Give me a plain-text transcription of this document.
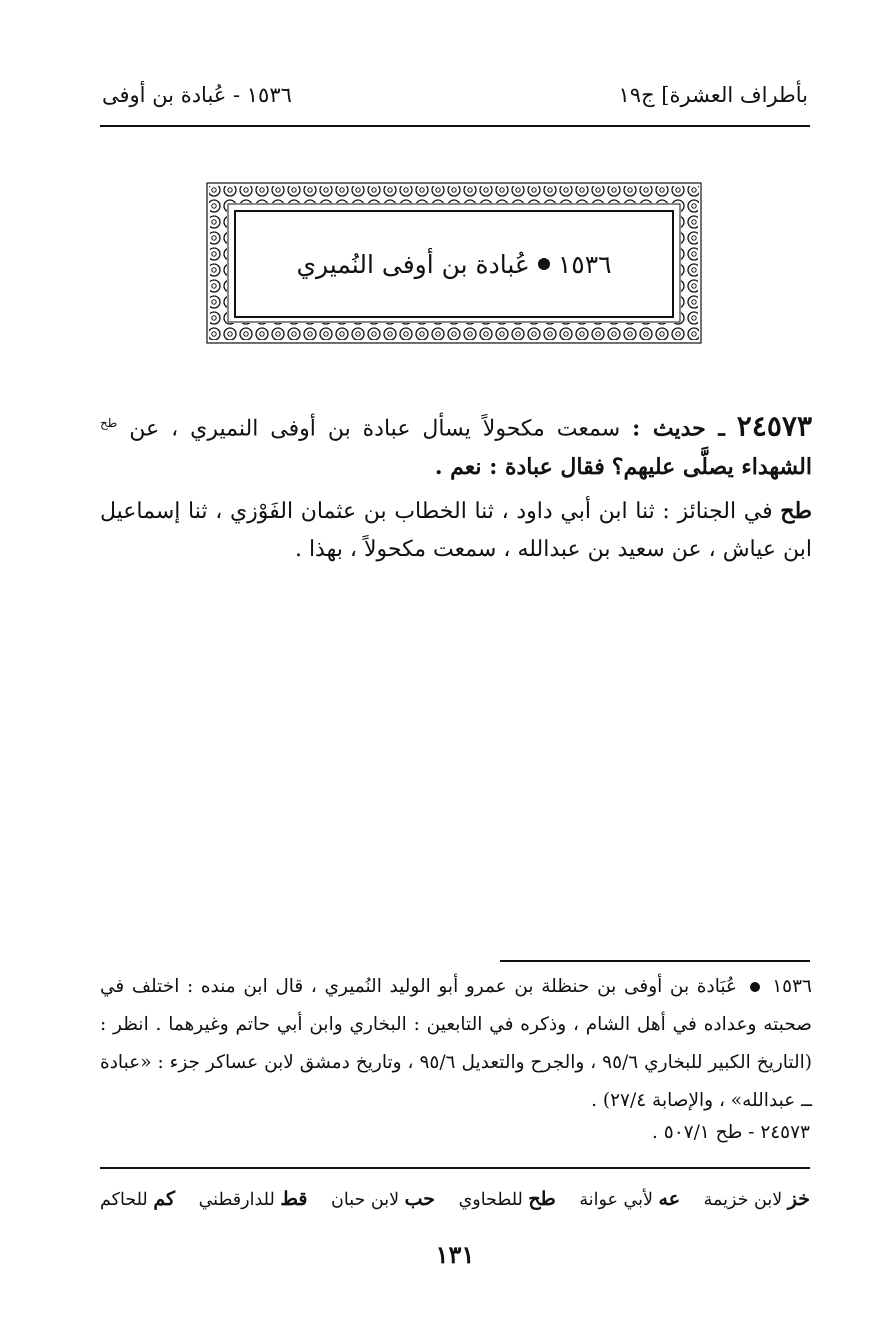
بأطراف العشرة] ج١٩
١٥٣٦ - عُبادة بن أوفى
١٥٣٦
عُبادة بن أوفى النُميري
٢٤٥٧٣ ـ حديث : سمعت مكحولاً يسأل عبادة بن أوفى النميري ، عن $^{طح}$ الشهداء يصلَّى عليهم؟ فقال عبادة : نعم .
طح في الجنائز : ثنا ابن أبي داود ، ثنا الخطاب بن عثمان الفَوْزي ، ثنا إسماعيل ابن عياش ، عن سعيد بن عبدالله ، سمعت مكحولاً ، بهذا .
١٥٣٦  عُبَادة بن أوفى بن حنظلة بن عمرو أبو الوليد النُميري ، قال ابن منده : اختلف في صحبته وعداده في أهل الشام ، وذكره في التابعين : البخاري وابن أبي حاتم وغيرهما . انظر : (التاريخ الكبير للبخاري ٩٥/٦ ، والجرح والتعديل ٩٥/٦ ، وتاريخ دمشق لابن عساكر جزء : «عبادة ــ عبدالله» ، والإصابة ٢٧/٤) .
٢٤٥٧٣ - طح ٥٠٧/١ .
خز لابن خزيمة
عه لأبي عوانة
طح للطحاوي
حب لابن حبان
قط للدارقطني
كم للحاكم
١٣١
